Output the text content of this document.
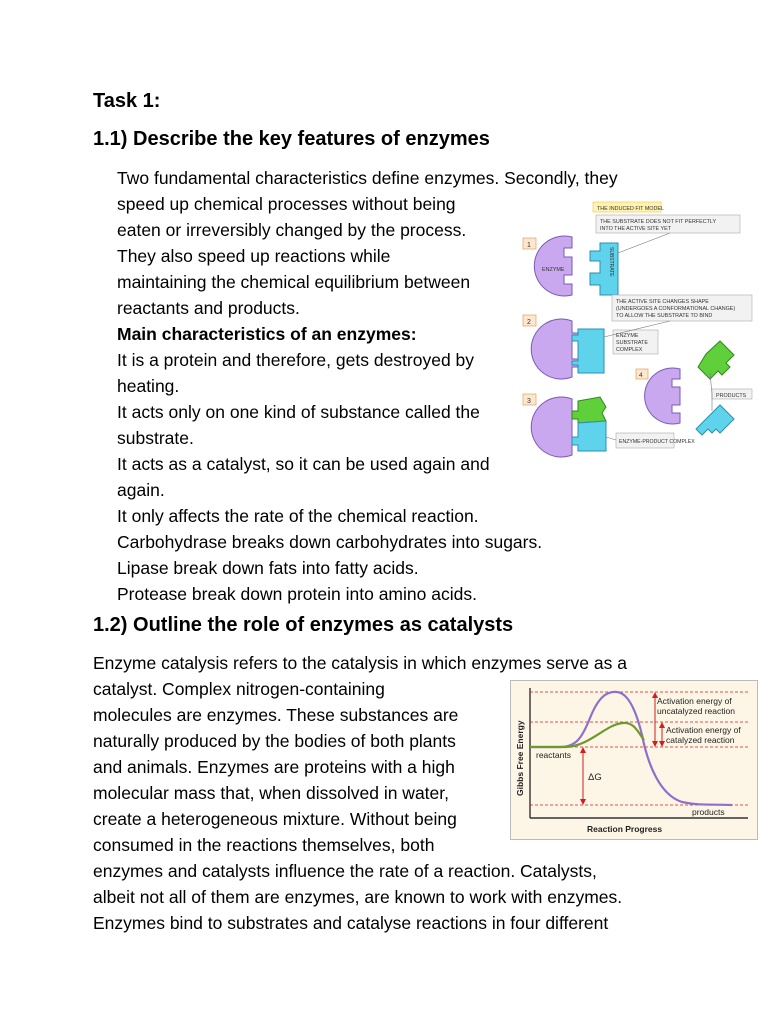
Task 1:
1.1) Describe the key features of enzymes
Two fundamental characteristics define enzymes. Secondly, they
speed up chemical processes without being
eaten or irreversibly changed by the process.
They also speed up reactions while
maintaining the chemical equilibrium between
reactants and products.
Main characteristics of an enzymes:
It is a protein and therefore, gets destroyed by
heating.
It acts only on one kind of substance called the
substrate.
It acts as a catalyst, so it can be used again and
again.
It only affects the rate of the chemical reaction.
Carbohydrase breaks down carbohydrates into sugars.
Lipase break down fats into fatty acids.
Protease break down protein into amino acids.
THE INDUCED FIT MODEL
THE SUBSTRATE DOES NOT FIT PERFECTLY
INTO THE ACTIVE SITE YET
1
ENZYME	SUBSTRATE
THE ACTIVE SITE CHANGES SHAPE
(UNDERGOES A CONFORMATIONAL CHANGE)
TO ALLOW THE SUBSTRATE TO BIND
2
ENZYME
SUBSTRATE
COMPLEX
4
PRODUCTS
3
ENZYME-PRODUCT COMPLEX
1.2) Outline the role of enzymes as catalysts
Enzyme catalysis refers to the catalysis in which enzymes serve as a
catalyst. Complex nitrogen-containing
molecules are enzymes. These substances are
naturally produced by the bodies of both plants
and animals. Enzymes are proteins with a high
molecular mass that, when dissolved in water,
create a heterogeneous mixture. Without being
consumed in the reactions themselves, both
enzymes and catalysts influence the rate of a reaction. Catalysts,
albeit not all of them are enzymes, are known to work with enzymes.
Enzymes bind to substrates and catalyse reactions in four different
Gibbs Free Energy
Reaction Progress
Activation energy of
uncatalyzed reaction
Activation energy of
catalyzed reaction
reactants
ΔG
products
